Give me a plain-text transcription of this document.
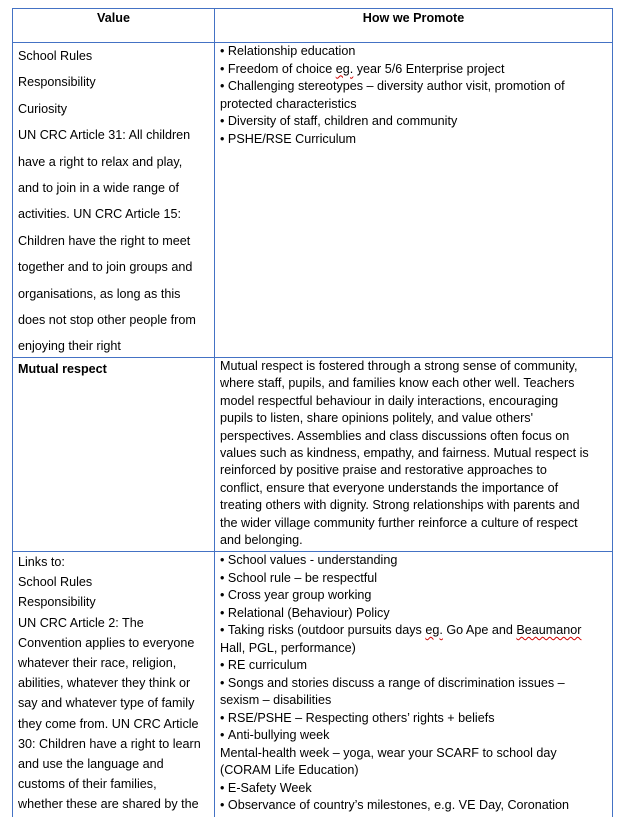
Value	How we Promote
School Rules
Responsibility
Curiosity
UN CRC Article 31: All children
have a right to relax and play,
and to join in a wide range of
activities. UN CRC Article 15:
Children have the right to meet
together and to join groups and
organisations, as long as this
does not stop other people from
enjoying their right
• Relationship education
• Freedom of choice eg. year 5/6 Enterprise project
• Challenging stereotypes – diversity author visit, promotion of
protected characteristics
• Diversity of staff, children and community
• PSHE/RSE Curriculum
Mutual respect	Mutual respect is fostered through a strong sense of community,
where staff, pupils, and families know each other well. Teachers
model respectful behaviour in daily interactions, encouraging
pupils to listen, share opinions politely, and value others'
perspectives. Assemblies and class discussions often focus on
values such as kindness, empathy, and fairness. Mutual respect is
reinforced by positive praise and restorative approaches to
conflict, ensure that everyone understands the importance of
treating others with dignity. Strong relationships with parents and
the wider village community further reinforce a culture of respect
and belonging.
Links to:
School Rules
Responsibility
UN CRC Article 2: The
Convention applies to everyone
whatever their race, religion,
abilities, whatever they think or
say and whatever type of family
they come from. UN CRC Article
30: Children have a right to learn
and use the language and
customs of their families,
whether these are shared by the
• School values - understanding
• School rule – be respectful
• Cross year group working
• Relational (Behaviour) Policy
• Taking risks (outdoor pursuits days eg. Go Ape and Beaumanor
Hall, PGL, performance)
• RE curriculum
• Songs and stories discuss a range of discrimination issues –
sexism – disabilities
• RSE/PSHE – Respecting others’ rights + beliefs
• Anti-bullying week
Mental-health week – yoga, wear your SCARF to school day
(CORAM Life Education)
• E-Safety Week
• Observance of country’s milestones, e.g. VE Day, Coronation
